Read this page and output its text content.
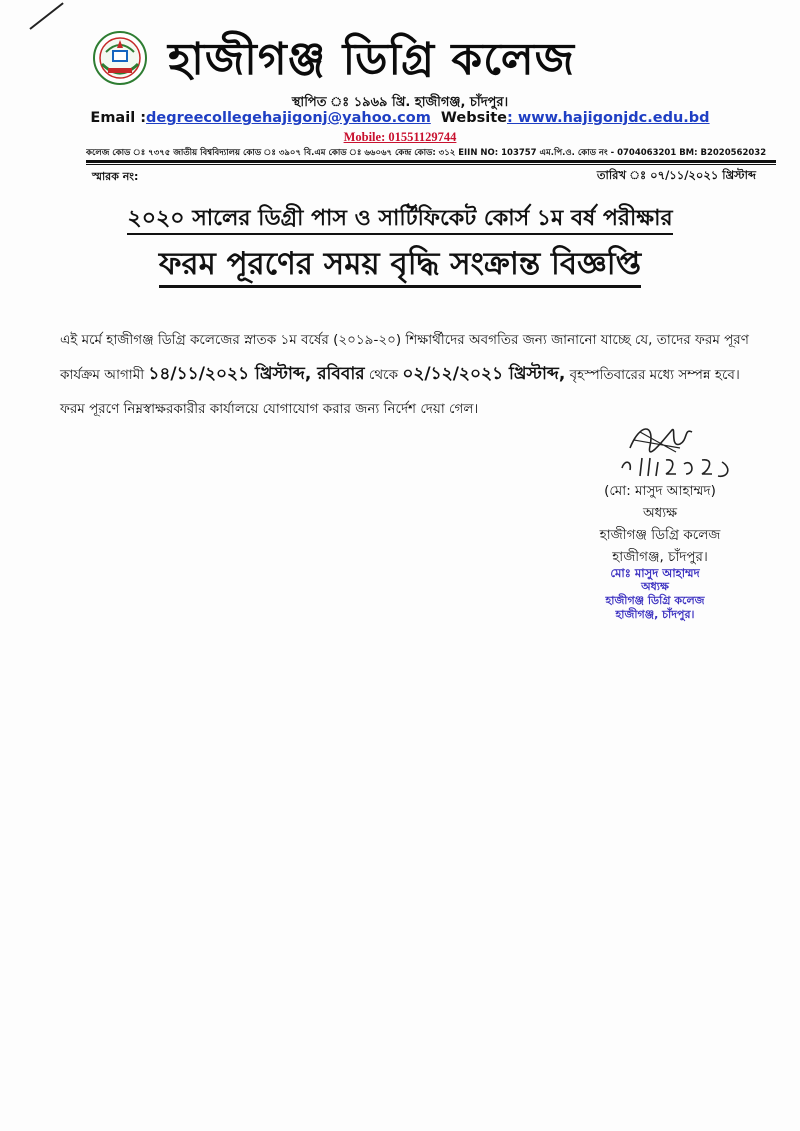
হাজীগঞ্জ ডিগ্রি কলেজ
স্থাপিত ঃ ১৯৬৯ খ্রি. হাজীগঞ্জ, চাঁদপুর।
Email :degreecollegehajigonj@yahoo.com Website: www.hajigonjdc.edu.bd
Mobile: 01551129744
কলেজ কোড ঃ ৭৩৭৫ জাতীয় বিশ্ববিদ্যালয় কোড ঃ ৩৯০৭ বি.এম কোড ঃ ৬৬০৬৭ কেন্দ্র কোড: ৩১২ EIIN NO: 103757 এম.পি.ও. কোড নং - 0704063201 BM: B2020562032
স্মারক নং:	তারিখ ঃ ০৭/১১/২০২১ খ্রিস্টাব্দ
২০২০ সালের ডিগ্রী পাস ও সার্টিফিকেট কোর্স ১ম বর্ষ পরীক্ষার
ফরম পূরণের সময় বৃদ্ধি সংক্রান্ত বিজ্ঞপ্তি
এই মর্মে হাজীগঞ্জ ডিগ্রি কলেজের স্নাতক ১ম বর্ষের (২০১৯-২০) শিক্ষার্থীদের অবগতির জন্য জানানো যাচ্ছে যে, তাদের ফরম পূরণ কার্যক্রম আগামী ১৪/১১/২০২১ খ্রিস্টাব্দ, রবিবার থেকে ০২/১২/২০২১ খ্রিস্টাব্দ, বৃহস্পতিবারের মধ্যে সম্পন্ন হবে। ফরম পূরণে নিম্নস্বাক্ষরকারীর কার্যালয়ে যোগাযোগ করার জন্য নির্দেশ দেয়া গেল।
(মো: মাসুদ আহাম্মদ)
অধ্যক্ষ
হাজীগঞ্জ ডিগ্রি কলেজ
হাজীগঞ্জ, চাঁদপুর।
মোঃ মাসুদ আহাম্মদ
অধ্যক্ষ
হাজীগঞ্জ ডিগ্রি কলেজ
হাজীগঞ্জ, চাঁদপুর।
